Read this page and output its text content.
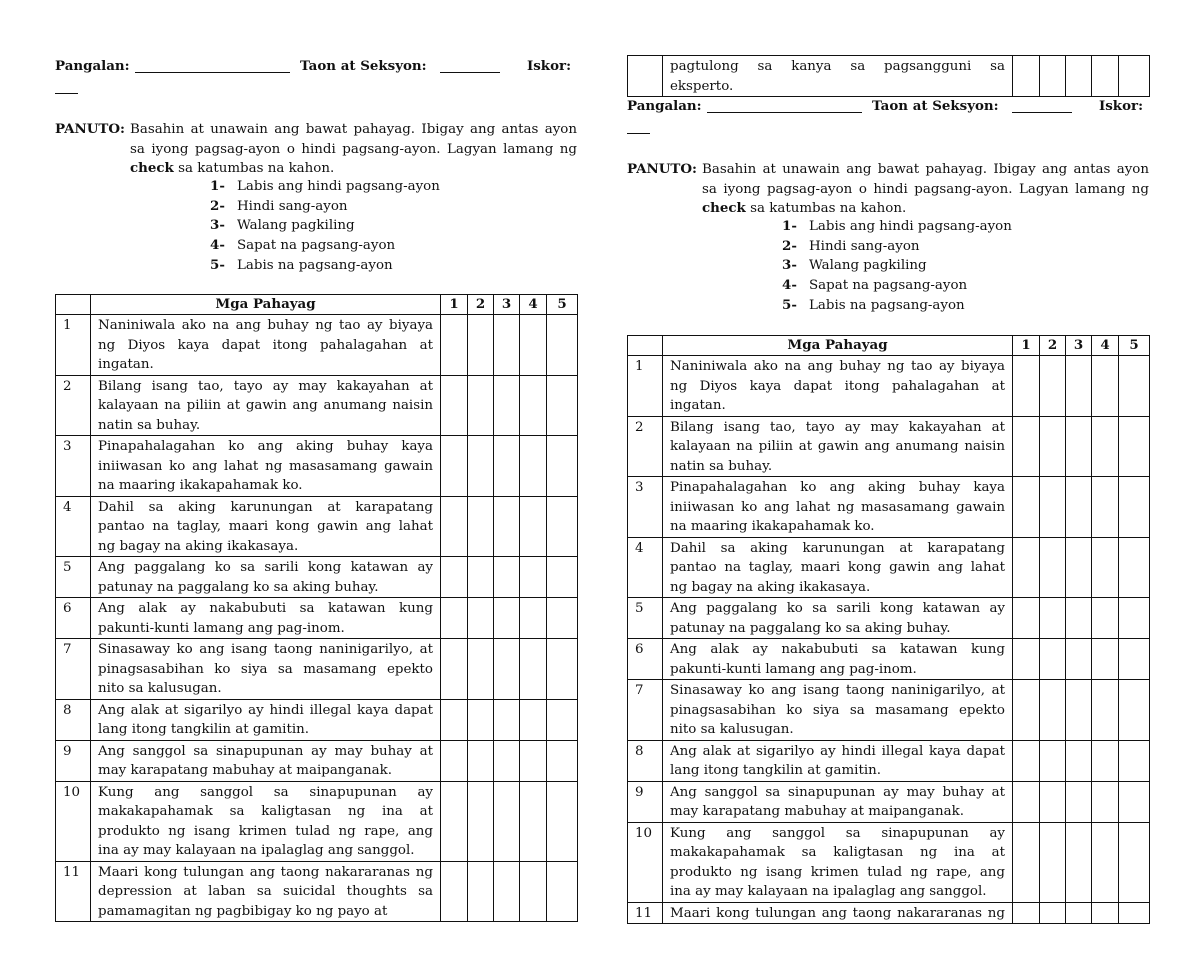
Pangalan:	Taon at Seksyon:	Iskor:
PANUTO: Basahin at unawain ang bawat pahayag. Ibigay ang antas ayon
sa iyong pagsag-ayon o hindi pagsang-ayon. Lagyan lamang ng
check sa katumbas na kahon.
1- Labis ang hindi pagsang-ayon
2- Hindi sang-ayon
3- Walang pagkiling
4- Sapat na pagsang-ayon
5- Labis na pagsang-ayon
	Mga Pahayag	1	2	3	4	5
1	Naniniwala ako na ang buhay ng tao ay biyaya
ng Diyos kaya dapat itong pahalagahan at
ingatan.					

2	Bilang isang tao, tayo ay may kakayahan at
kalayaan na piliin at gawin ang anumang naisin
natin sa buhay.					

3	Pinapahalagahan ko ang aking buhay kaya
iniiwasan ko ang lahat ng masasamang gawain
na maaring ikakapahamak ko.					

4	Dahil sa aking karunungan at karapatang
pantao na taglay, maari kong gawin ang lahat
ng bagay na aking ikakasaya.					

5	Ang paggalang ko sa sarili kong katawan ay
patunay na paggalang ko sa aking buhay.					

6	Ang alak ay nakabubuti sa katawan kung
pakunti-kunti lamang ang pag-inom.					

7	Sinasaway ko ang isang taong naninigarilyo, at
pinagsasabihan ko siya sa masamang epekto
nito sa kalusugan.					

8	Ang alak at sigarilyo ay hindi illegal kaya dapat
lang itong tangkilin at gamitin.					

9	Ang sanggol sa sinapupunan ay may buhay at
may karapatang mabuhay at maipanganak.					

10	Kung ang sanggol sa sinapupunan ay
makakapahamak sa kaligtasan ng ina at
produkto ng isang krimen tulad ng rape, ang
ina ay may kalayaan na ipalaglag ang sanggol.					

11	Maari kong tulungan ang taong nakararanas ng
depression at laban sa suicidal thoughts sa
pamamagitan ng pagbibigay ko ng payo at					

pagtulong sa kanya sa pagsangguni sa
eksperto.

Pangalan:	Taon at Seksyon:	Iskor:
PANUTO: Basahin at unawain ang bawat pahayag. Ibigay ang antas ayon
sa iyong pagsag-ayon o hindi pagsang-ayon. Lagyan lamang ng
check sa katumbas na kahon.
1- Labis ang hindi pagsang-ayon
2- Hindi sang-ayon
3- Walang pagkiling
4- Sapat na pagsang-ayon
5- Labis na pagsang-ayon
	Mga Pahayag	1	2	3	4	5
1	Naniniwala ako na ang buhay ng tao ay biyaya
ng Diyos kaya dapat itong pahalagahan at
ingatan.					

2	Bilang isang tao, tayo ay may kakayahan at
kalayaan na piliin at gawin ang anumang naisin
natin sa buhay.					

3	Pinapahalagahan ko ang aking buhay kaya
iniiwasan ko ang lahat ng masasamang gawain
na maaring ikakapahamak ko.					

4	Dahil sa aking karunungan at karapatang
pantao na taglay, maari kong gawin ang lahat
ng bagay na aking ikakasaya.					

5	Ang paggalang ko sa sarili kong katawan ay
patunay na paggalang ko sa aking buhay.					

6	Ang alak ay nakabubuti sa katawan kung
pakunti-kunti lamang ang pag-inom.					

7	Sinasaway ko ang isang taong naninigarilyo, at
pinagsasabihan ko siya sa masamang epekto
nito sa kalusugan.					

8	Ang alak at sigarilyo ay hindi illegal kaya dapat
lang itong tangkilin at gamitin.					

9	Ang sanggol sa sinapupunan ay may buhay at
may karapatang mabuhay at maipanganak.					

10	Kung ang sanggol sa sinapupunan ay
makakapahamak sa kaligtasan ng ina at
produkto ng isang krimen tulad ng rape, ang
ina ay may kalayaan na ipalaglag ang sanggol.					

11	Maari kong tulungan ang taong nakararanas ng					
